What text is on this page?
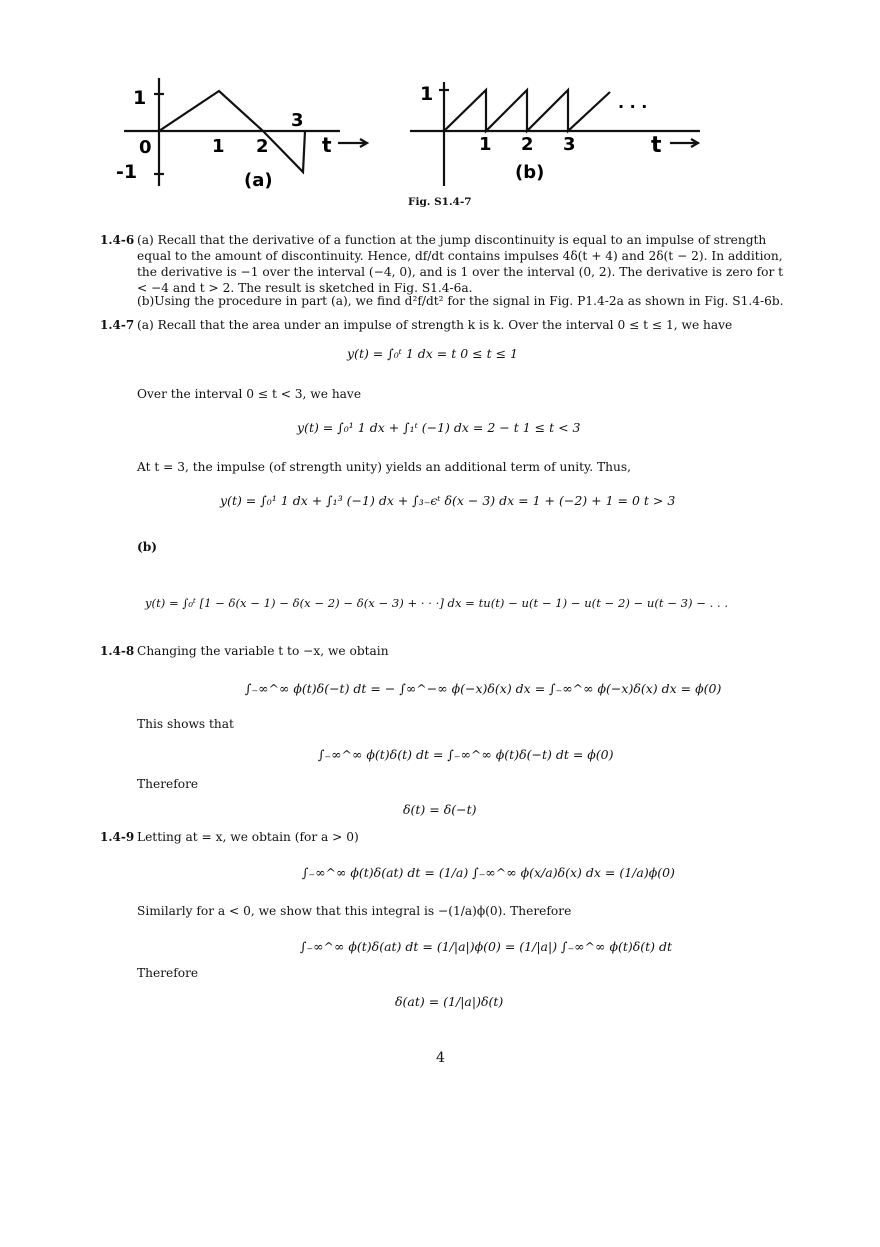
1
-1
0	1 2
3
t
(a)
1
1 2 3
· · ·
t
(b)
Fig. S1.4-7
1.4-6 (a) Recall that the derivative of a function at the jump discontinuity is equal to an impulse of strength equal to the amount of discontinuity. Hence, df/dt contains impulses 4δ(t + 4) and 2δ(t − 2). In addition, the derivative is −1 over the interval (−4, 0), and is 1 over the interval (0, 2). The derivative is zero for t < −4 and t > 2. The result is sketched in Fig. S1.4-6a.
(b)Using the procedure in part (a), we find d²f/dt² for the signal in Fig. P1.4-2a as shown in Fig. S1.4-6b.
1.4-7 (a) Recall that the area under an impulse of strength k is k. Over the interval 0 ≤ t ≤ 1, we have
y(t) = ∫₀ᵗ 1 dx = t 0 ≤ t ≤ 1
Over the interval 0 ≤ t < 3, we have
y(t) = ∫₀¹ 1 dx + ∫₁ᵗ (−1) dx = 2 − t 1 ≤ t < 3
At t = 3, the impulse (of strength unity) yields an additional term of unity. Thus,
y(t) = ∫₀¹ 1 dx + ∫₁³ (−1) dx + ∫₃₋ϵᵗ δ(x − 3) dx = 1 + (−2) + 1 = 0 t > 3
(b)
y(t) = ∫₀ᵗ [1 − δ(x − 1) − δ(x − 2) − δ(x − 3) + · · ·] dx = tu(t) − u(t − 1) − u(t − 2) − u(t − 3) − . . .
1.4-8 Changing the variable t to −x, we obtain
∫₋∞^∞ ϕ(t)δ(−t) dt = − ∫∞^−∞ ϕ(−x)δ(x) dx = ∫₋∞^∞ ϕ(−x)δ(x) dx = ϕ(0)
This shows that
∫₋∞^∞ ϕ(t)δ(t) dt = ∫₋∞^∞ ϕ(t)δ(−t) dt = ϕ(0)
Therefore
δ(t) = δ(−t)
1.4-9 Letting at = x, we obtain (for a > 0)
∫₋∞^∞ ϕ(t)δ(at) dt = (1/a) ∫₋∞^∞ ϕ(x/a)δ(x) dx = (1/a)ϕ(0)
Similarly for a < 0, we show that this integral is −(1/a)ϕ(0). Therefore
∫₋∞^∞ ϕ(t)δ(at) dt = (1/|a|)ϕ(0) = (1/|a|) ∫₋∞^∞ ϕ(t)δ(t) dt
Therefore
δ(at) = (1/|a|)δ(t)
4
